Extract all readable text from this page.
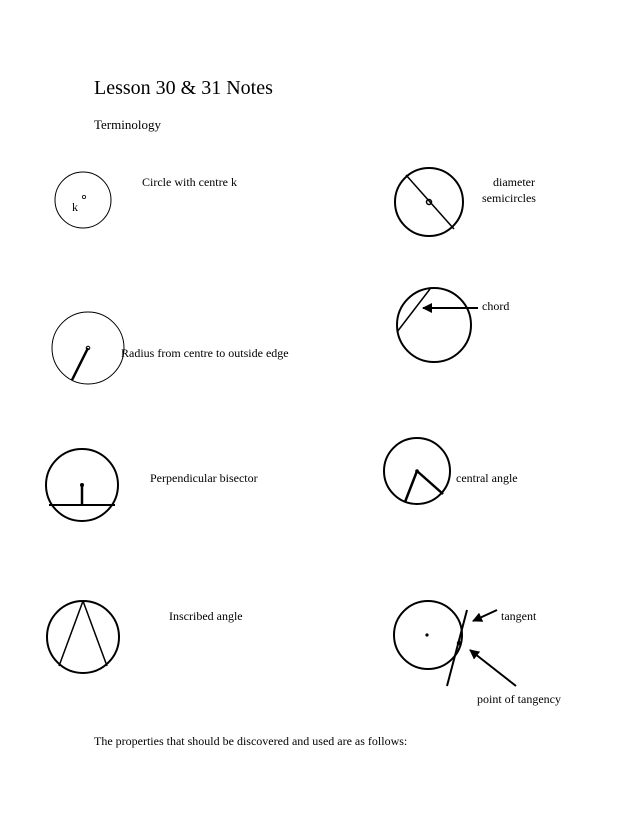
Lesson 30 & 31 Notes
Terminology
Circle with centre k
k
diameter
semicircles
chord
Radius from centre to outside edge
Perpendicular bisector	central angle
Inscribed angle	tangent
point of tangency
The properties that should be discovered and used are as follows:
